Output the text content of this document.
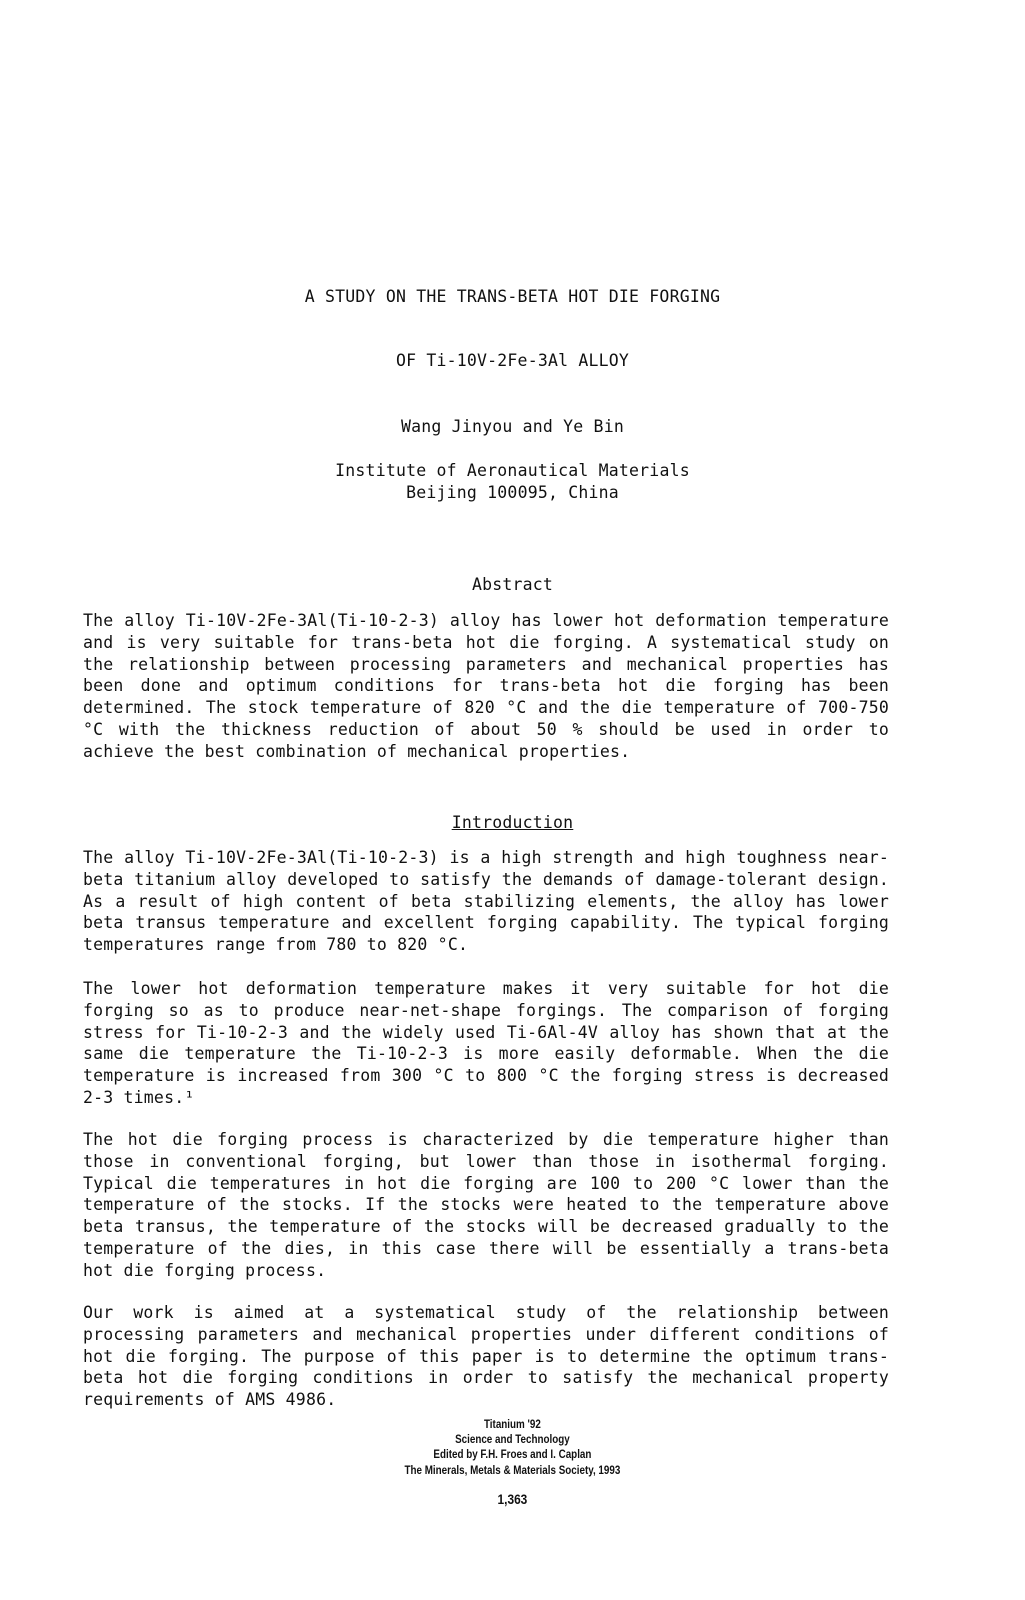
A STUDY ON THE TRANS-BETA HOT DIE FORGING
OF Ti-10V-2Fe-3Al ALLOY
Wang Jinyou and Ye Bin
Institute of Aeronautical Materials
Beijing 100095, China
Abstract
The alloy Ti-10V-2Fe-3Al(Ti-10-2-3) alloy has lower hot deformation temperature and is very suitable for trans-beta hot die forging. A systematical study on the relationship between processing parameters and mechanical properties has been done and optimum conditions for trans-beta hot die forging has been determined. The stock temperature of 820 °C and the die temperature of 700-750 °C with the thickness reduction of about 50 % should be used in order to achieve the best combination of mechanical properties.
Introduction
The alloy Ti-10V-2Fe-3Al(Ti-10-2-3) is a high strength and high toughness near-beta titanium alloy developed to satisfy the demands of damage-tolerant design. As a result of high content of beta stabilizing elements, the alloy has lower beta transus temperature and excellent forging capability. The typical forging temperatures range from 780 to 820 °C.
The lower hot deformation temperature makes it very suitable for hot die forging so as to produce near-net-shape forgings. The comparison of forging stress for Ti-10-2-3 and the widely used Ti-6Al-4V alloy has shown that at the same die temperature the Ti-10-2-3 is more easily deformable. When the die temperature is increased from 300 °C to 800 °C the forging stress is decreased 2-3 times.¹
The hot die forging process is characterized by die temperature higher than those in conventional forging, but lower than those in isothermal forging. Typical die temperatures in hot die forging are 100 to 200 °C lower than the temperature of the stocks. If the stocks were heated to the temperature above beta transus, the temperature of the stocks will be decreased gradually to the temperature of the dies, in this case there will be essentially a trans-beta hot die forging process.
Our work is aimed at a systematical study of the relationship between processing parameters and mechanical properties under different conditions of hot die forging. The purpose of this paper is to determine the optimum trans-beta hot die forging conditions in order to satisfy the mechanical property requirements of AMS 4986.
Titanium '92
Science and Technology
Edited by F.H. Froes and I. Caplan
The Minerals, Metals & Materials Society, 1993
1,363
